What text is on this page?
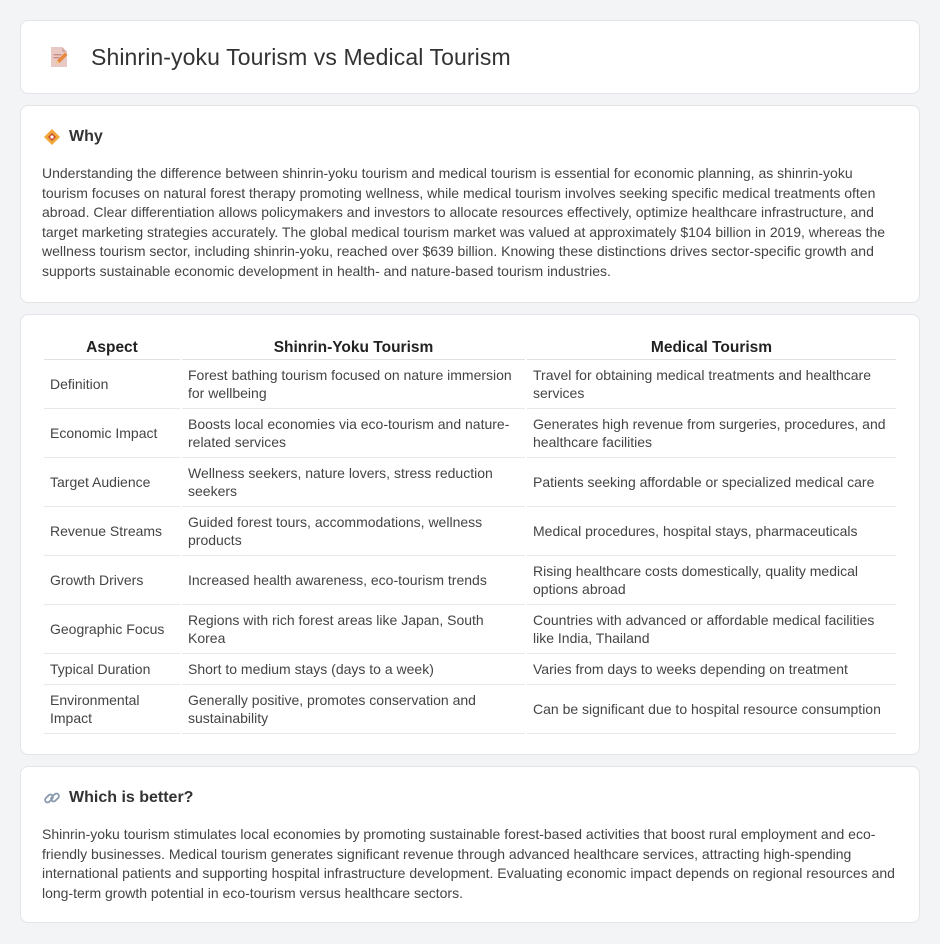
Shinrin-yoku Tourism vs Medical Tourism
Why

Understanding the difference between shinrin-yoku tourism and medical tourism is essential for economic planning, as shinrin-yoku tourism focuses on natural forest therapy promoting wellness, while medical tourism involves seeking specific medical treatments often abroad. Clear differentiation allows policymakers and investors to allocate resources effectively, optimize healthcare infrastructure, and target marketing strategies accurately. The global medical tourism market was valued at approximately $104 billion in 2019, whereas the wellness tourism sector, including shinrin-yoku, reached over $639 billion. Knowing these distinctions drives sector-specific growth and supports sustainable economic development in health- and nature-based tourism industries.

Aspect	Shinrin-Yoku Tourism	Medical Tourism
Definition	Forest bathing tourism focused on nature immersion for wellbeing	Travel for obtaining medical treatments and healthcare services
Economic Impact	Boosts local economies via eco-tourism and nature-related services	Generates high revenue from surgeries, procedures, and healthcare facilities
Target Audience	Wellness seekers, nature lovers, stress reduction seekers	Patients seeking affordable or specialized medical care
Revenue Streams	Guided forest tours, accommodations, wellness products	Medical procedures, hospital stays, pharmaceuticals
Growth Drivers	Increased health awareness, eco-tourism trends	Rising healthcare costs domestically, quality medical options abroad
Geographic Focus	Regions with rich forest areas like Japan, South Korea	Countries with advanced or affordable medical facilities like India, Thailand
Typical Duration	Short to medium stays (days to a week)	Varies from days to weeks depending on treatment
Environmental Impact	Generally positive, promotes conservation and sustainability	Can be significant due to hospital resource consumption
Which is better?

Shinrin-yoku tourism stimulates local economies by promoting sustainable forest-based activities that boost rural employment and eco-friendly businesses. Medical tourism generates significant revenue through advanced healthcare services, attracting high-spending international patients and supporting hospital infrastructure development. Evaluating economic impact depends on regional resources and long-term growth potential in eco-tourism versus healthcare sectors.
